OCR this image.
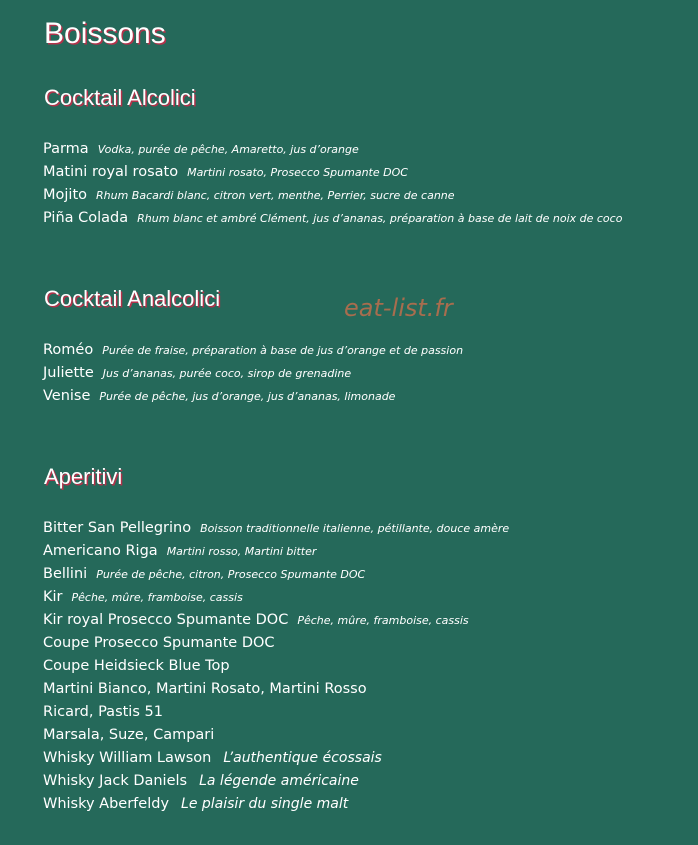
Boissons
eat-list.fr
Cocktail Alcolici
Parma Vodka, purée de pêche, Amaretto, jus d’orange
Matini royal rosato Martini rosato, Prosecco Spumante DOC
Mojito Rhum Bacardi blanc, citron vert, menthe, Perrier, sucre de canne
Piña Colada Rhum blanc et ambré Clément, jus d’ananas, préparation à base de lait de noix de coco
Cocktail Analcolici
Roméo Purée de fraise, préparation à base de jus d’orange et de passion
Juliette Jus d’ananas, purée coco, sirop de grenadine
Venise Purée de pêche, jus d’orange, jus d’ananas, limonade
Aperitivi
Bitter San Pellegrino Boisson traditionnelle italienne, pétillante, douce amère
Americano Riga Martini rosso, Martini bitter
Bellini Purée de pêche, citron, Prosecco Spumante DOC
Kir Pêche, mûre, framboise, cassis
Kir royal Prosecco Spumante DOC Pêche, mûre, framboise, cassis
Coupe Prosecco Spumante DOC
Coupe Heidsieck Blue Top
Martini Bianco, Martini Rosato, Martini Rosso
Ricard, Pastis 51
Marsala, Suze, Campari
Whisky William Lawson L’authentique écossais
Whisky Jack Daniels La légende américaine
Whisky Aberfeldy Le plaisir du single malt
